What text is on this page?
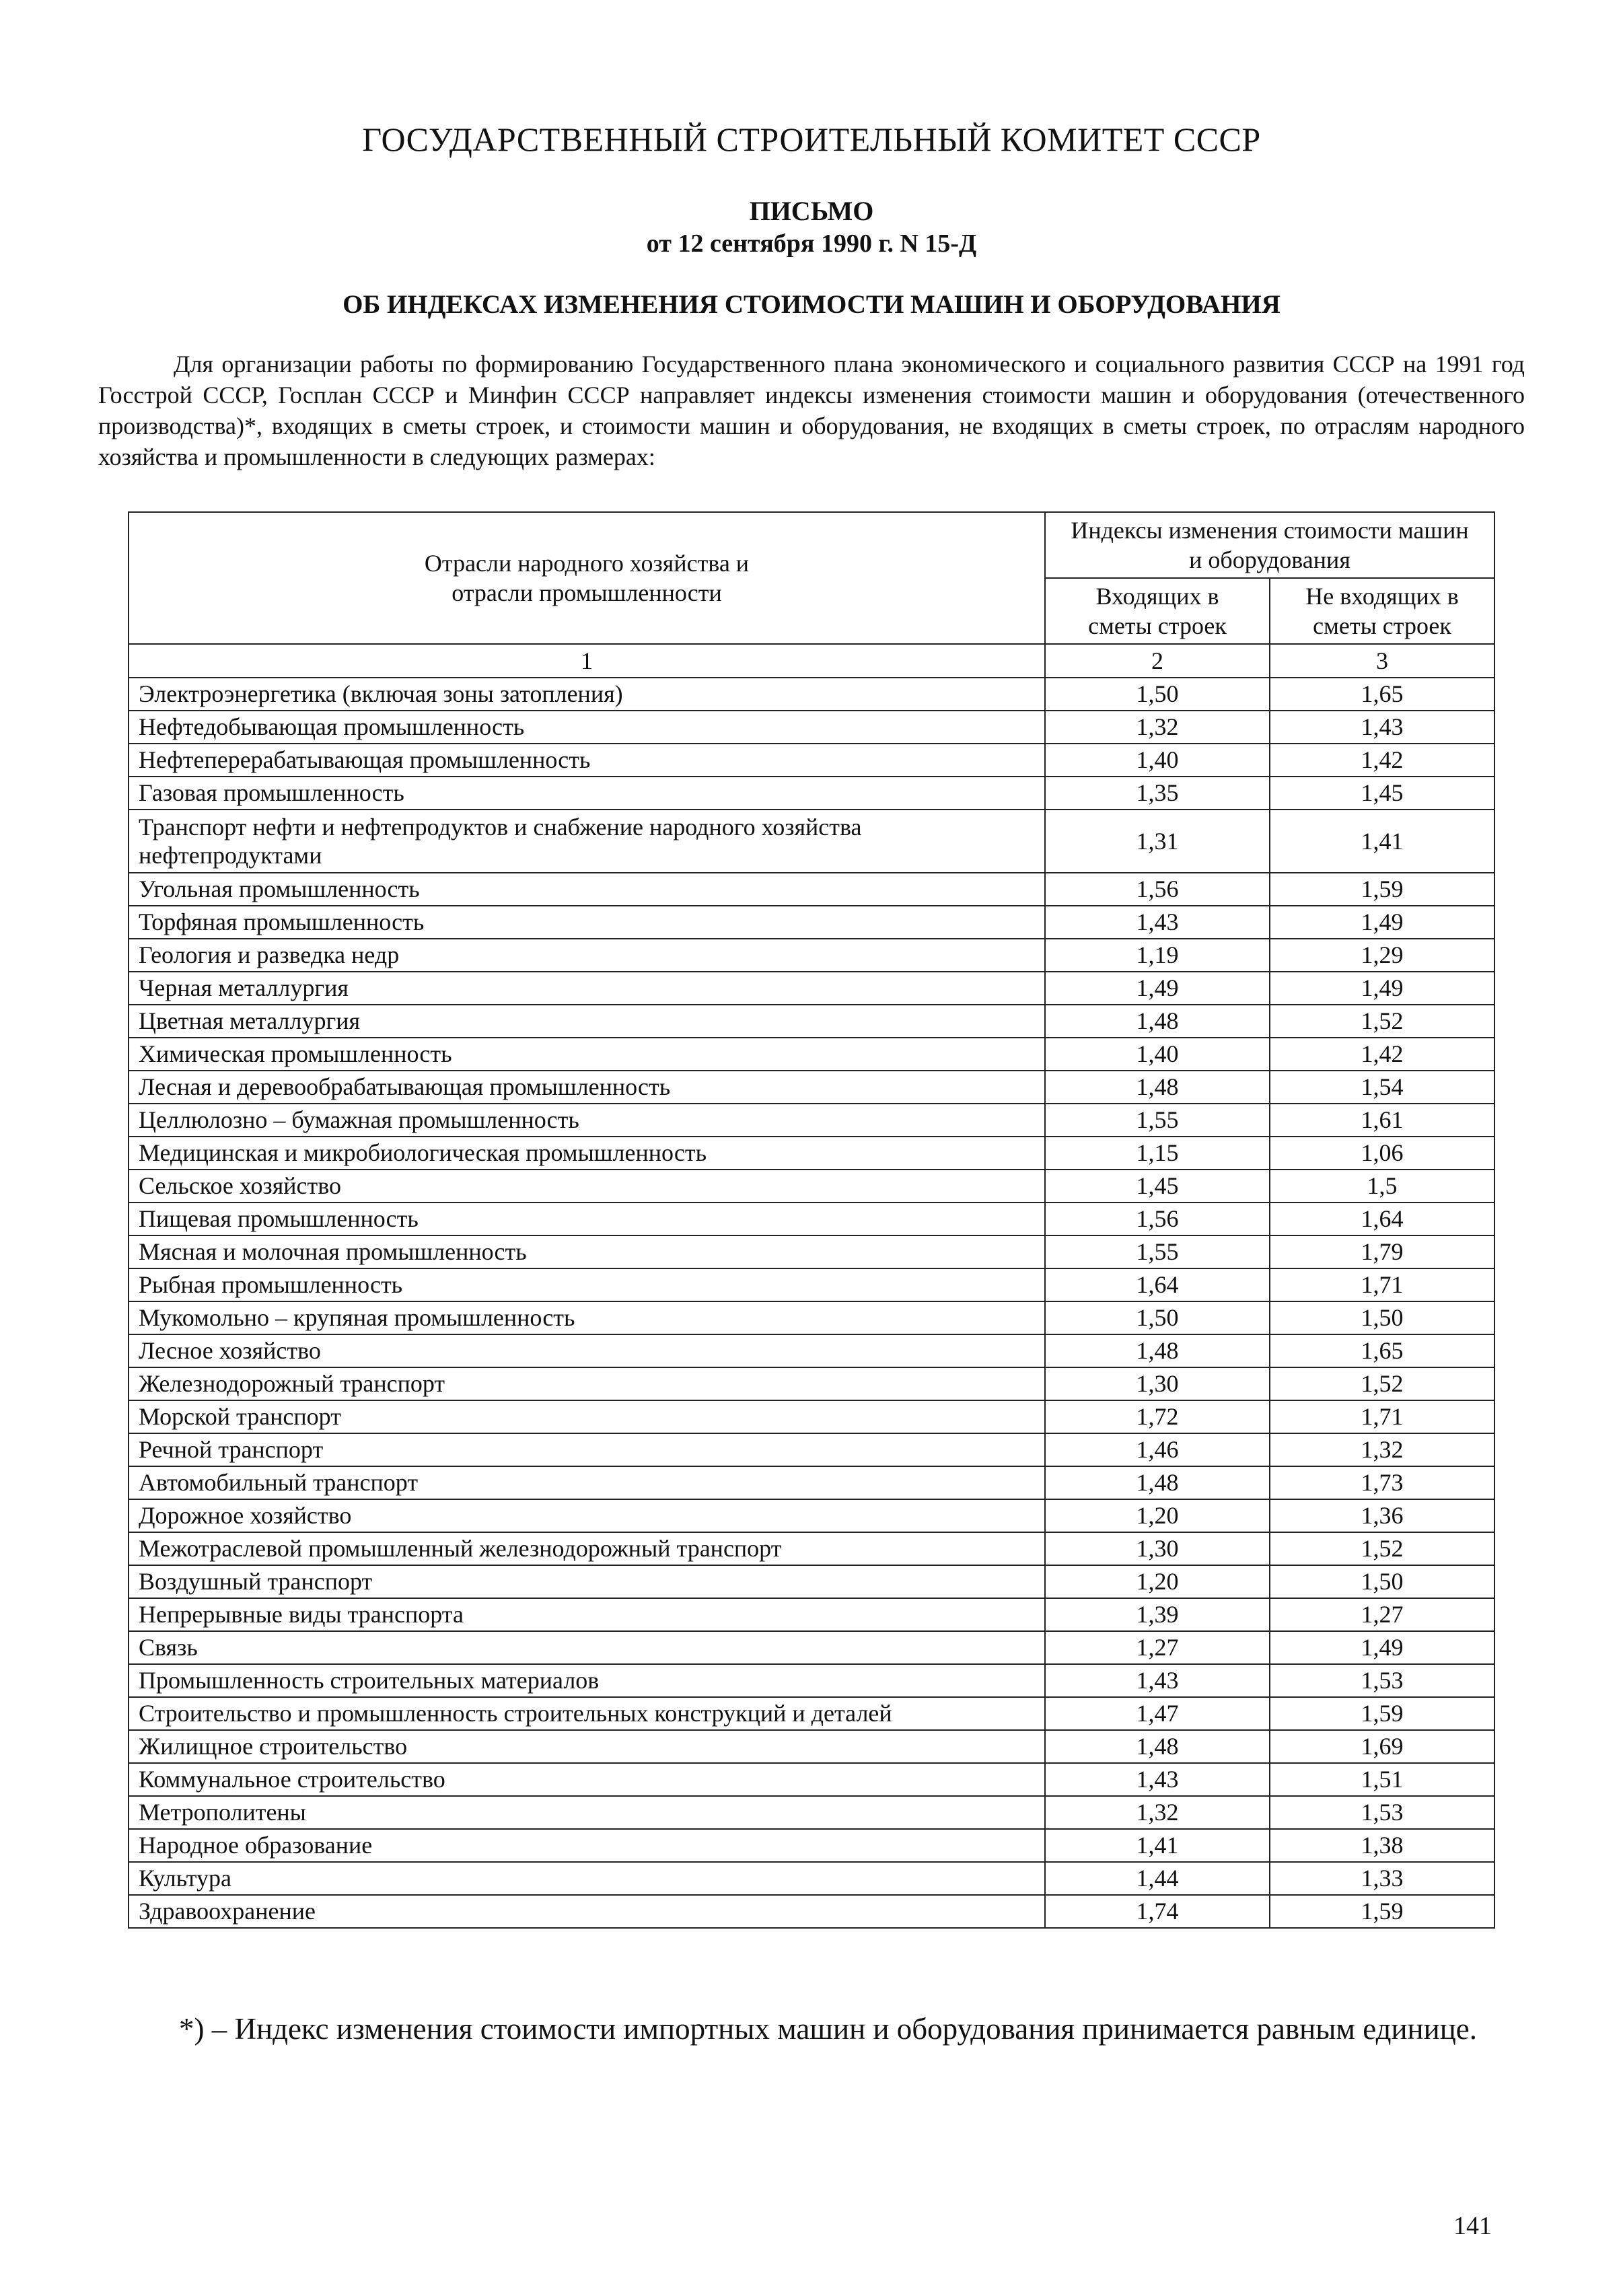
ГОСУДАРСТВЕННЫЙ СТРОИТЕЛЬНЫЙ КОМИТЕТ СССР
ПИСЬМО
от 12 сентября 1990 г. N 15-Д
ОБ ИНДЕКСАХ ИЗМЕНЕНИЯ СТОИМОСТИ МАШИН И ОБОРУДОВАНИЯ

Для организации работы по формированию Государственного плана экономического и социального развития СССР на 1991 год Госстрой СССР, Госплан СССР и Минфин СССР направляет индексы изменения стоимости машин и оборудования (отечественного производства)*, входящих в сметы строек, и стоимости машин и оборудования, не входящих в сметы строек, по отраслям народного хозяйства и промышленности в следующих размерах:

Отрасли народного хозяйства и отрасли промышленности	Индексы изменения стоимости машин и оборудования	

	Входящих в сметы строек	Не входящих в сметы строек

1	2	3
Электроэнергетика (включая зоны затопления)	1,50	1,65
Нефтедобывающая промышленность	1,32	1,43
Нефтеперерабатывающая промышленность	1,40	1,42
Газовая промышленность	1,35	1,45
Транспорт нефти и нефтепродуктов и снабжение народного хозяйства нефтепродуктами	1,31	1,41
Угольная промышленность	1,56	1,59
Торфяная промышленность	1,43	1,49
Геология и разведка недр	1,19	1,29
Черная металлургия	1,49	1,49
Цветная металлургия	1,48	1,52
Химическая промышленность	1,40	1,42
Лесная и деревообрабатывающая промышленность	1,48	1,54
Целлюлозно – бумажная промышленность	1,55	1,61
Медицинская и микробиологическая промышленность	1,15	1,06
Сельское хозяйство	1,45	1,5
Пищевая промышленность	1,56	1,64
Мясная и молочная промышленность	1,55	1,79
Рыбная промышленность	1,64	1,71
Мукомольно – крупяная промышленность	1,50	1,50
Лесное хозяйство	1,48	1,65
Железнодорожный транспорт	1,30	1,52
Морской транспорт	1,72	1,71
Речной транспорт	1,46	1,32
Автомобильный транспорт	1,48	1,73
Дорожное хозяйство	1,20	1,36
Межотраслевой промышленный железнодорожный транспорт	1,30	1,52
Воздушный транспорт	1,20	1,50
Непрерывные виды транспорта	1,39	1,27
Связь	1,27	1,49
Промышленность строительных материалов	1,43	1,53
Строительство и промышленность строительных конструкций и деталей	1,47	1,59
Жилищное строительство	1,48	1,69
Коммунальное строительство	1,43	1,51
Метрополитены	1,32	1,53
Народное образование	1,41	1,38
Культура	1,44	1,33
Здравоохранение	1,74	1,59

*) – Индекс изменения стоимости импортных машин и оборудования принимается равным единице.

141
